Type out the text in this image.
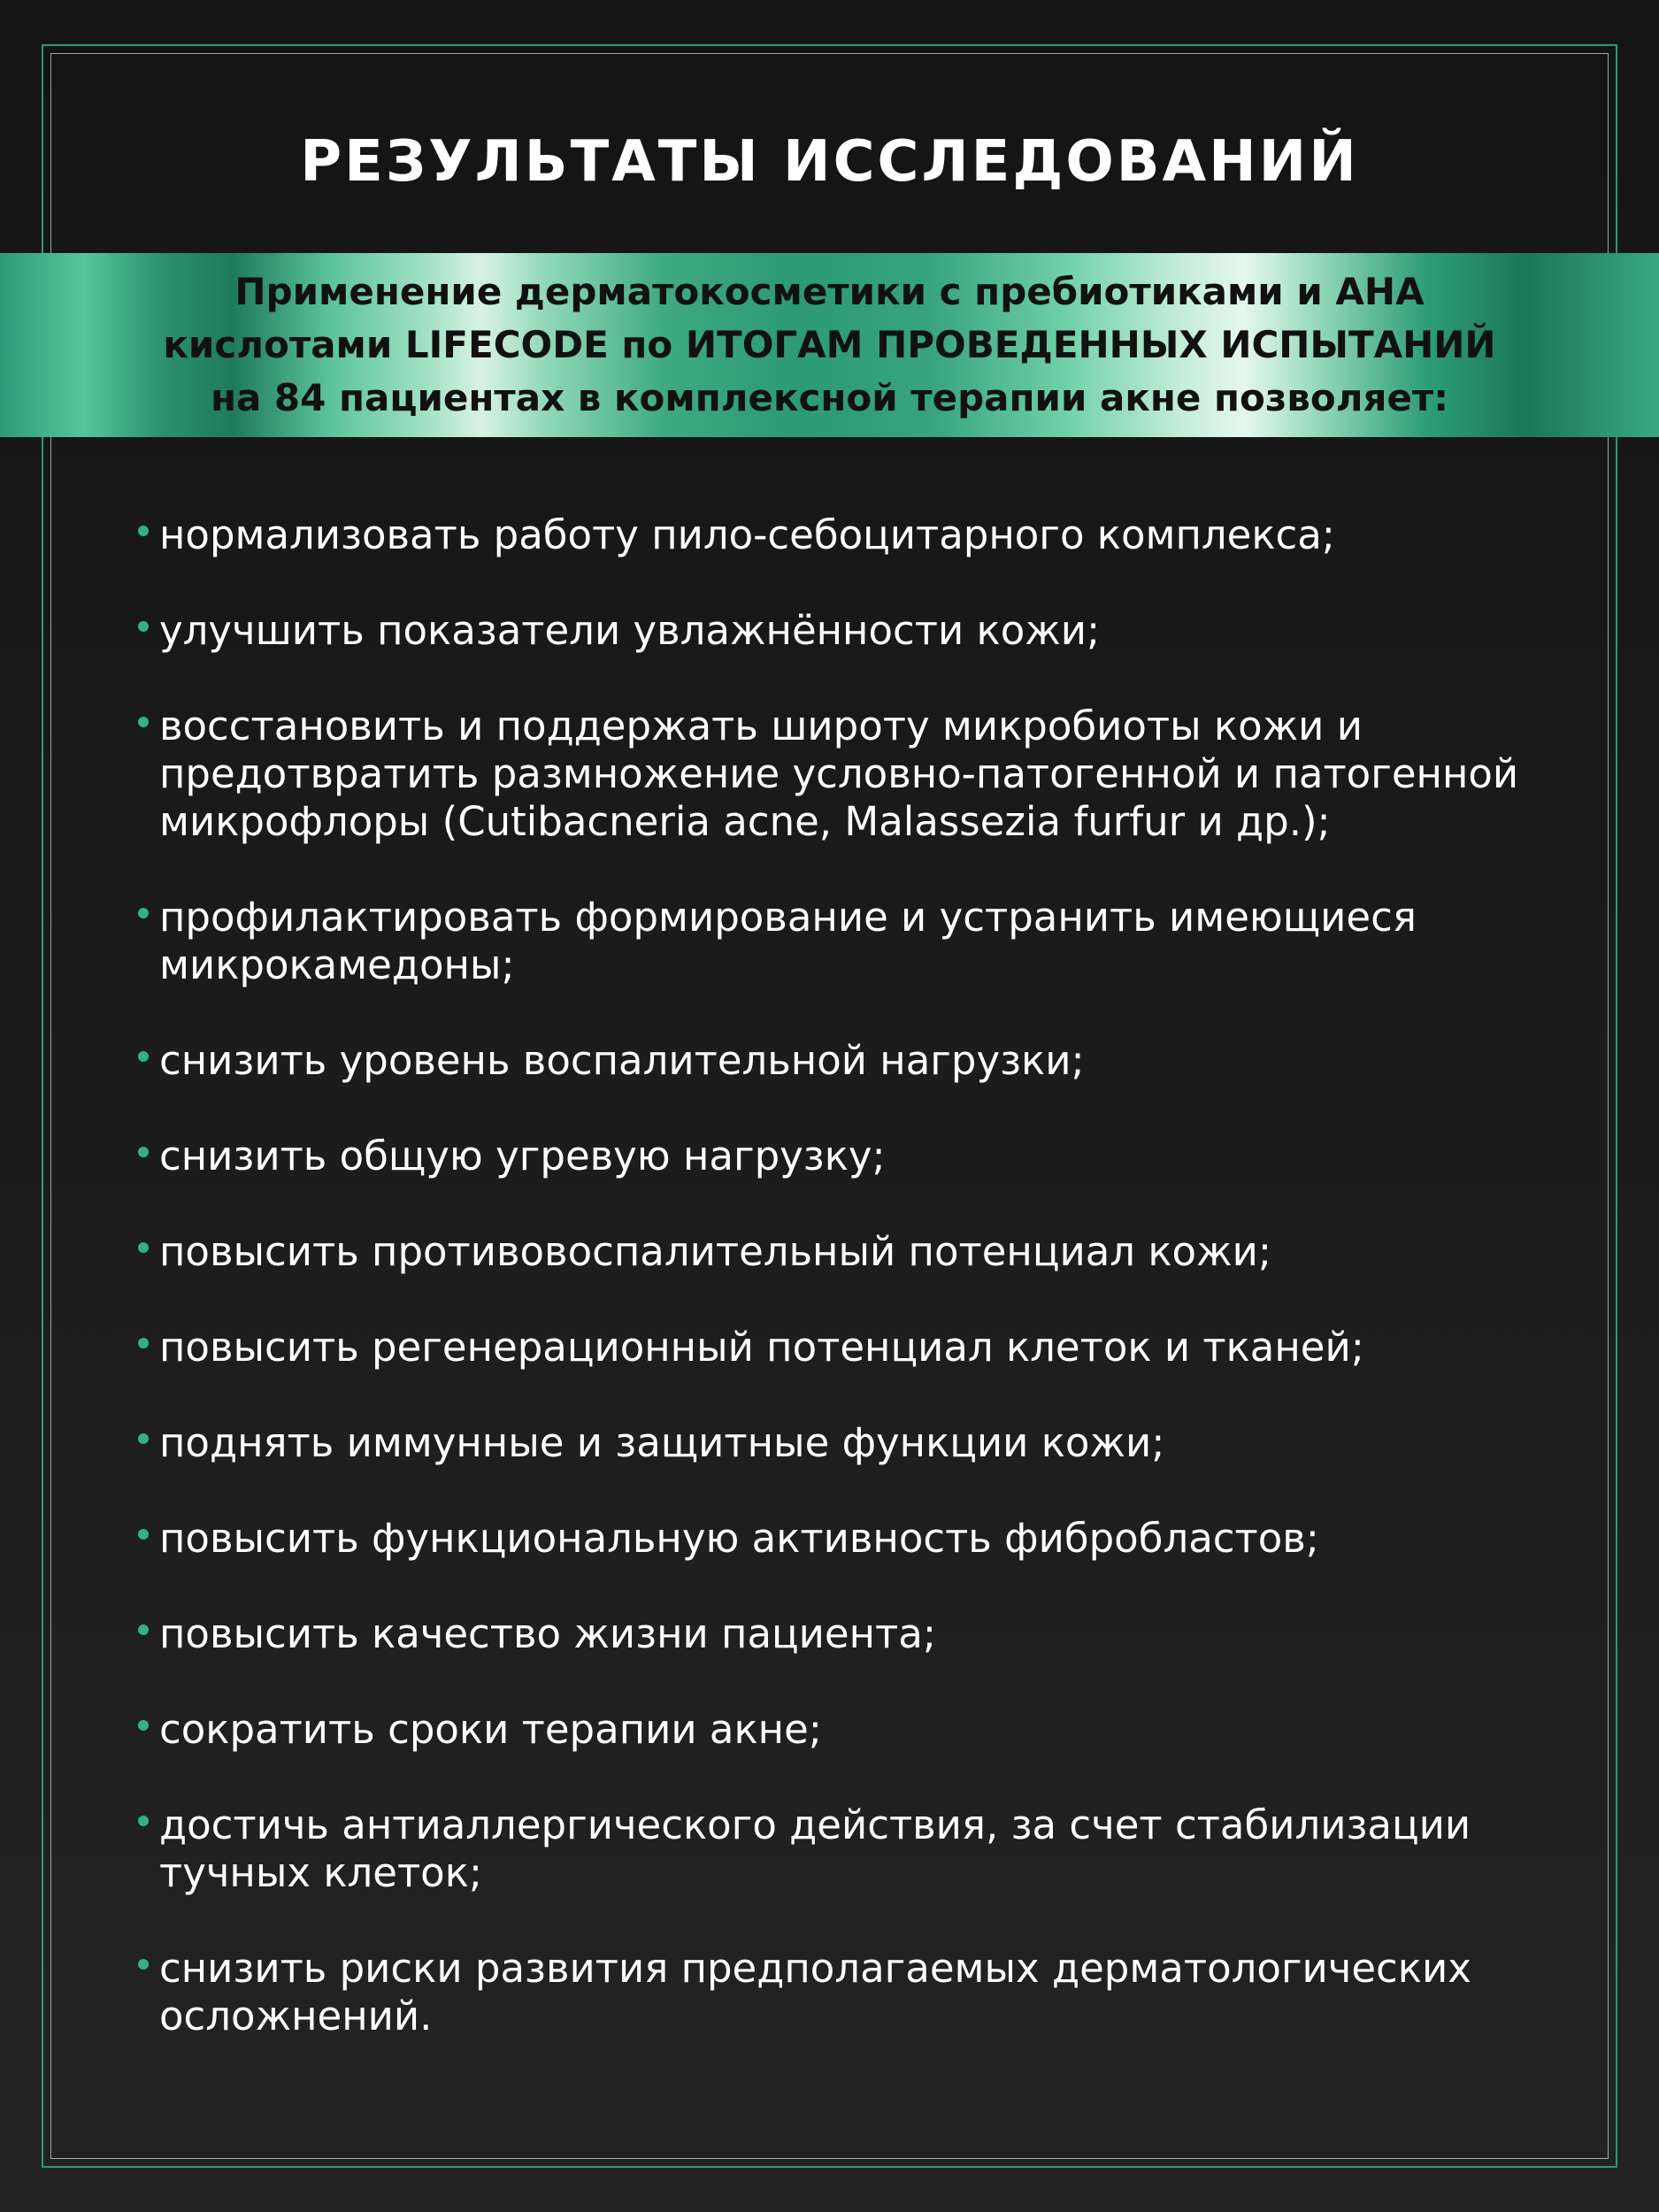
РЕЗУЛЬТАТЫ ИССЛЕДОВАНИЙ
Применение дерматокосметики с пребиотиками и АНА
кислотами LIFECODE по ИТОГАМ ПРОВЕДЕННЫХ ИСПЫТАНИЙ
на 84 пациентах в комплексной терапии акне позволяет:
нормализовать работу пило-себоцитарного комплекса;
улучшить показатели увлажнённости кожи;
восстановить и поддержать широту микробиоты кожи и
предотвратить размножение условно-патогенной и патогенной
микрофлоры (Cutibacneria acne, Malassezia furfur и др.);
профилактировать формирование и устранить имеющиеся
микрокамедоны;
снизить уровень воспалительной нагрузки;
снизить общую угревую нагрузку;
повысить противовоспалительный потенциал кожи;
повысить регенерационный потенциал клеток и тканей;
поднять иммунные и защитные функции кожи;
повысить функциональную активность фибробластов;
повысить качество жизни пациента;
сократить сроки терапии акне;
достичь антиаллергического действия, за счет стабилизации
тучных клеток;
снизить риски развития предполагаемых дерматологических
осложнений.
